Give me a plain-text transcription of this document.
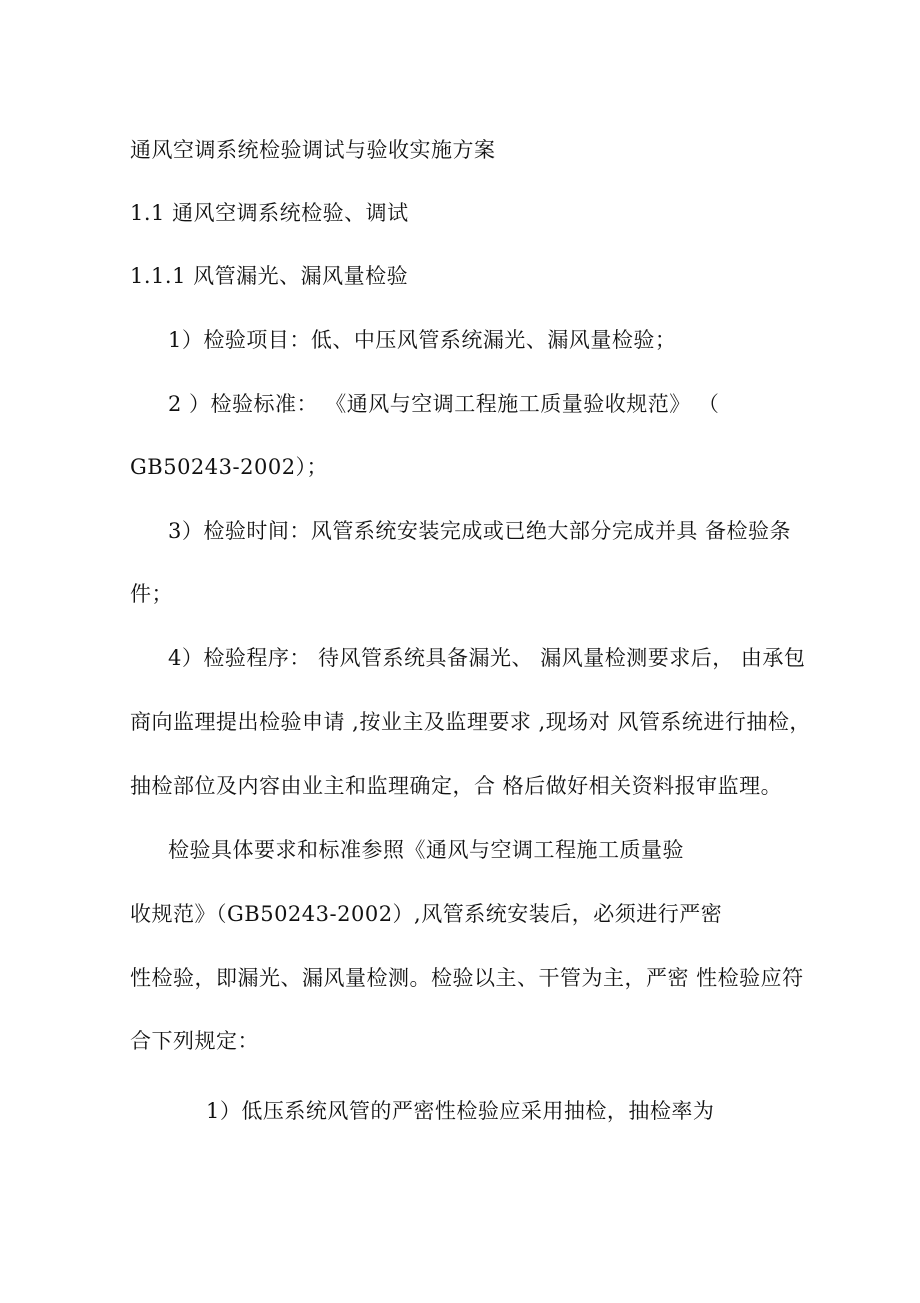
通风空调系统检验调试与验收实施方案
1.1 通风空调系统检验、调试
1.1.1 风管漏光、漏风量检验
1）检验项目：低、中压风管系统漏光、漏风量检验；
2 ）检验标准： 《通风与空调工程施工质量验收规范》 （
GB50243-2002）；
3）检验时间：风管系统安装完成或已绝大部分完成并具 备检验条
件；
4）检验程序： 待风管系统具备漏光、 漏风量检测要求后， 由承包
商向监理提出检验申请 ,按业主及监理要求 ,现场对 风管系统进行抽检，
抽检部位及内容由业主和监理确定，合 格后做好相关资料报审监理。
检验具体要求和标准参照《通风与空调工程施工质量验
收规范》（GB50243-2002）,风管系统安装后，必须进行严密
性检验，即漏光、漏风量检测。检验以主、干管为主，严密 性检验应符
合下列规定：
1）低压系统风管的严密性检验应采用抽检，抽检率为
